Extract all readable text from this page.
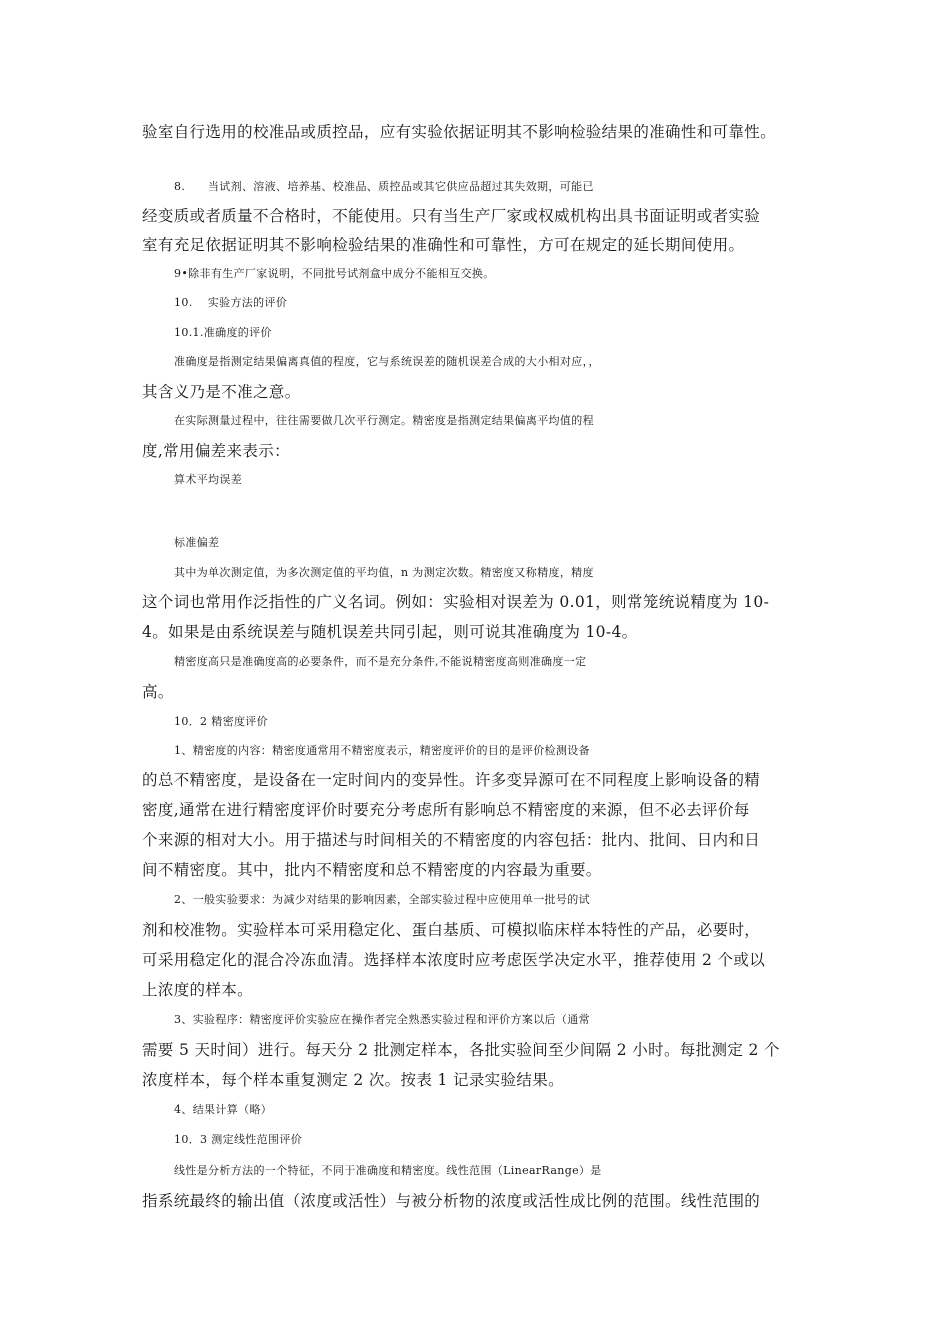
验室自行选用的校准品或质控品，应有实验依据证明其不影响检验结果的准确性和可靠性。
8.　　当试剂、溶液、培养基、校准品、质控品或其它供应品超过其失效期，可能已
经变质或者质量不合格时，不能使用。只有当生产厂家或权威机构出具书面证明或者实验
室有充足依据证明其不影响检验结果的准确性和可靠性，方可在规定的延长期间使用。
9•除非有生产厂家说明，不同批号试剂盒中成分不能相互交换。
10.　 实验方法的评价
10.1.准确度的评价
准确度是指测定结果偏离真值的程度，它与系统误差的随机误差合成的大小相对应，，
其含义乃是不准之意。
在实际测量过程中，往往需要做几次平行测定。精密度是指测定结果偏离平均值的程
度,常用偏差来表示：
算术平均误差
标准偏差
其中为单次测定值，为多次测定值的平均值，n 为测定次数。精密度又称精度，精度
这个词也常用作泛指性的广义名词。例如：实验相对误差为 0.01，则常笼统说精度为 10-
4。如果是由系统误差与随机误差共同引起，则可说其准确度为 10-4。
精密度高只是准确度高的必要条件，而不是充分条件,不能说精密度高则准确度一定
高。
10．2 精密度评价
1、精密度的内容：精密度通常用不精密度表示，精密度评价的目的是评价检测设备
的总不精密度，是设备在一定时间内的变异性。许多变异源可在不同程度上影响设备的精
密度,通常在进行精密度评价时要充分考虑所有影响总不精密度的来源，但不必去评价每
个来源的相对大小。用于描述与时间相关的不精密度的内容包括：批内、批间、日内和日
间不精密度。其中，批内不精密度和总不精密度的内容最为重要。
2、一般实验要求：为减少对结果的影响因素，全部实验过程中应使用单一批号的试
剂和校准物。实验样本可采用稳定化、蛋白基质、可模拟临床样本特性的产品，必要时，
可采用稳定化的混合冷冻血清。选择样本浓度时应考虑医学决定水平，推荐使用 2 个或以
上浓度的样本。
3、实验程序：精密度评价实验应在操作者完全熟悉实验过程和评价方案以后（通常
需要 5 天时间）进行。每天分 2 批测定样本，各批实验间至少间隔 2 小时。每批测定 2 个
浓度样本，每个样本重复测定 2 次。按表 1 记录实验结果。
4、结果计算（略）
10．3 测定线性范围评价
线性是分析方法的一个特征，不同于准确度和精密度。线性范围（LinearRange）是
指系统最终的输出值（浓度或活性）与被分析物的浓度或活性成比例的范围。线性范围的
